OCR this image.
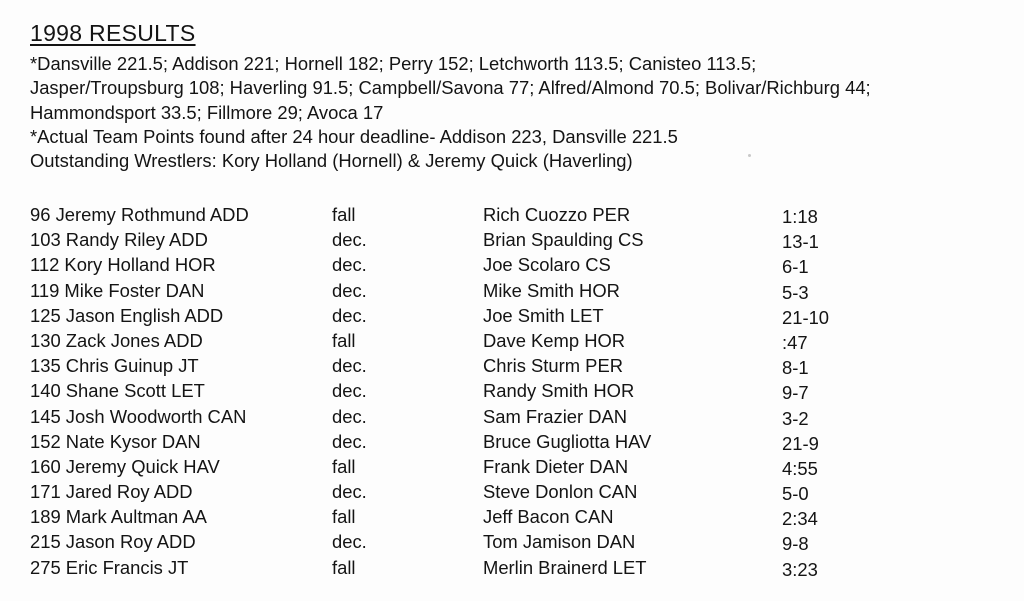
1998 RESULTS
*Dansville 221.5; Addison 221; Hornell 182; Perry 152; Letchworth 113.5; Canisteo 113.5;
Jasper/Troupsburg 108; Haverling 91.5; Campbell/Savona 77; Alfred/Almond 70.5; Bolivar/Richburg 44;
Hammondsport 33.5; Fillmore 29; Avoca 17
*Actual Team Points found after 24 hour deadline- Addison 223, Dansville 221.5
Outstanding Wrestlers: Kory Holland (Hornell) & Jeremy Quick (Haverling)
96 Jeremy Rothmund ADD	fall	Rich Cuozzo PER	1:18
103 Randy Riley ADD	dec.	Brian Spaulding CS	13-1
112 Kory Holland HOR	dec.	Joe Scolaro CS	6-1
119 Mike Foster DAN	dec.	Mike Smith HOR	5-3
125 Jason English ADD	dec.	Joe Smith LET	21-10
130 Zack Jones ADD	fall	Dave Kemp HOR	:47
135 Chris Guinup JT	dec.	Chris Sturm PER	8-1
140 Shane Scott LET	dec.	Randy Smith HOR	9-7
145 Josh Woodworth CAN	dec.	Sam Frazier DAN	3-2
152 Nate Kysor DAN	dec.	Bruce Gugliotta HAV	21-9
160 Jeremy Quick HAV	fall	Frank Dieter DAN	4:55
171 Jared Roy ADD	dec.	Steve Donlon CAN	5-0
189 Mark Aultman AA	fall	Jeff Bacon CAN	2:34
215 Jason Roy ADD	dec.	Tom Jamison DAN	9-8
275 Eric Francis JT	fall	Merlin Brainerd LET	3:23
